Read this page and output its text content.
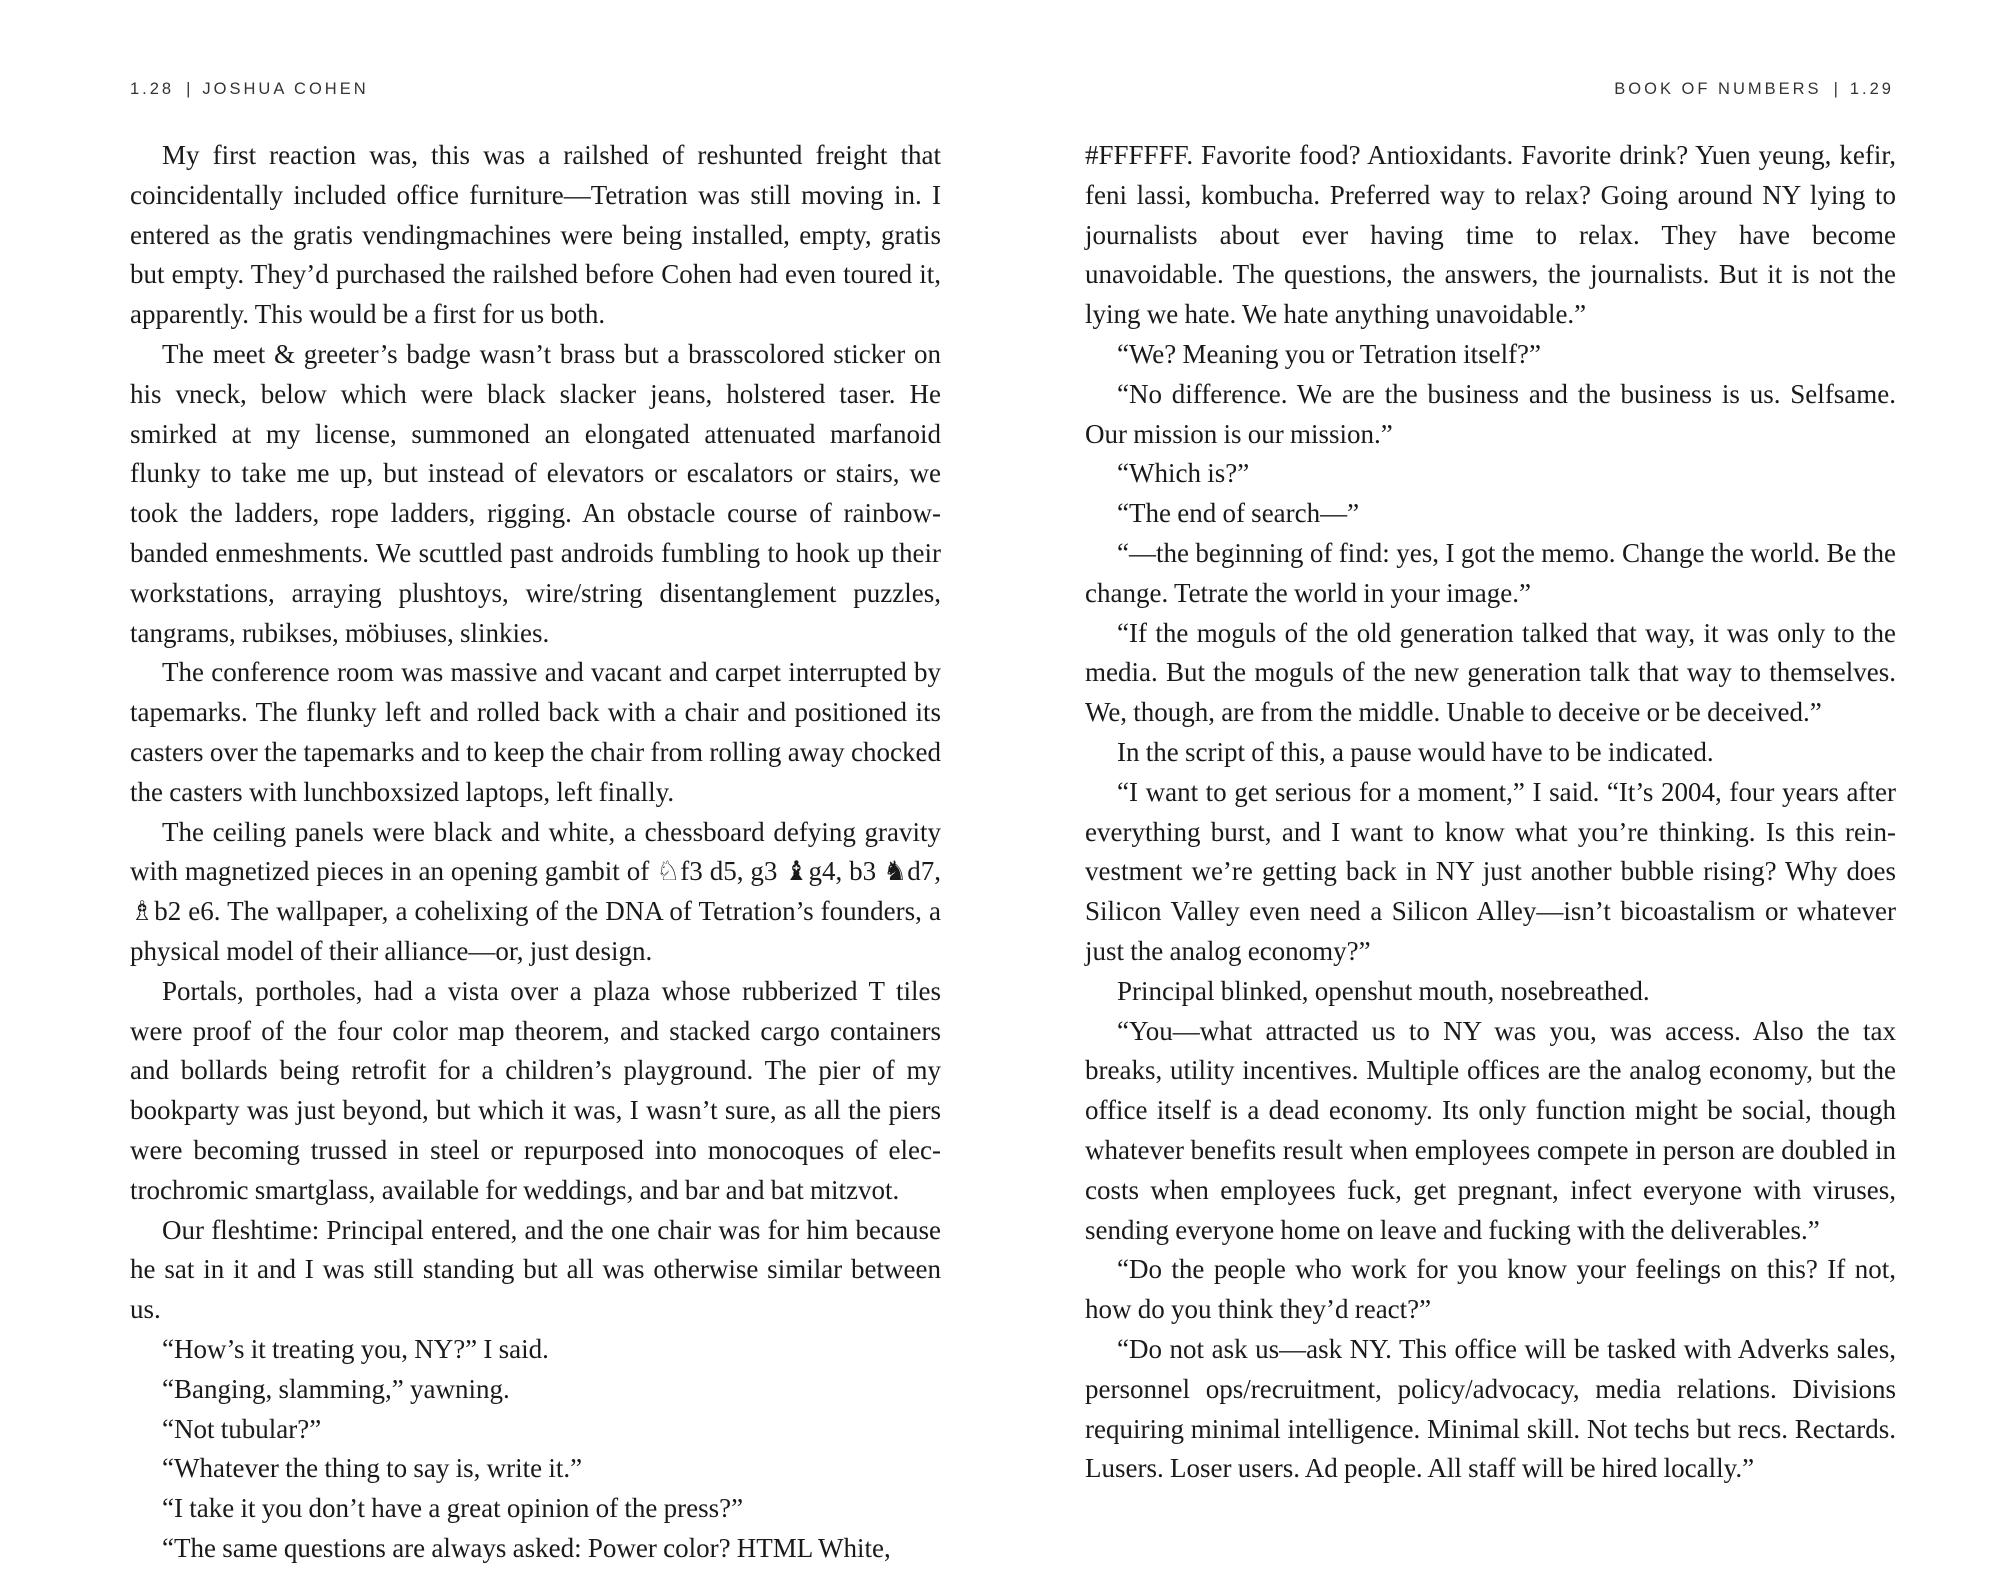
1.28 | JOSHUA COHEN

My first reaction was, this was a railshed of reshunted freight that coincidentally included office furniture—Tetration was still moving in. I entered as the gratis vendingmachines were being installed, empty, gratis but empty. They’d purchased the railshed before Cohen had even toured it, apparently. This would be a first for us both.

The meet & greeter’s badge wasn’t brass but a brasscolored sticker on his vneck, below which were black slacker jeans, holstered taser. He smirked at my license, summoned an elongated attenuated marfanoid flunky to take me up, but instead of elevators or escalators or stairs, we took the ladders, rope ladders, rigging. An obstacle course of rainbow-banded enmeshments. We scuttled past androids fumbling to hook up their workstations, arraying plushtoys, wire/string disentanglement puzzles, tangrams, rubikses, möbiuses, slinkies.

The conference room was massive and vacant and carpet interrupted by tapemarks. The flunky left and rolled back with a chair and positioned its casters over the tapemarks and to keep the chair from rolling away chocked the casters with lunchboxsized laptops, left finally.

The ceiling panels were black and white, a chessboard defying gravity with magnetized pieces in an opening gambit of ♘f3 d5, g3 ♝g4, b3 ♞d7, ♗b2 e6. The wallpaper, a cohelixing of the DNA of Tetration’s founders, a physical model of their alliance—or, just design.

Portals, portholes, had a vista over a plaza whose rubberized T tiles were proof of the four color map theorem, and stacked cargo containers and bollards being retrofit for a children’s playground. The pier of my bookparty was just beyond, but which it was, I wasn’t sure, as all the piers were becoming trussed in steel or repurposed into monocoques of electrochromic smartglass, available for weddings, and bar and bat mitzvot.

Our fleshtime: Principal entered, and the one chair was for him because he sat in it and I was still standing but all was otherwise similar between us.

“How’s it treating you, NY?” I said.

“Banging, slamming,” yawning.

“Not tubular?”

“Whatever the thing to say is, write it.”

“I take it you don’t have a great opinion of the press?”

“The same questions are always asked: Power color? HTML White,

BOOK OF NUMBERS | 1.29

#FFFFFF. Favorite food? Antioxidants. Favorite drink? Yuen yeung, kefir, feni lassi, kombucha. Preferred way to relax? Going around NY lying to journalists about ever having time to relax. They have become unavoidable. The questions, the answers, the journalists. But it is not the lying we hate. We hate anything unavoidable.”

“We? Meaning you or Tetration itself?”

“No difference. We are the business and the business is us. Selfsame. Our mission is our mission.”

“Which is?”

“The end of search—”

“—the beginning of find: yes, I got the memo. Change the world. Be the change. Tetrate the world in your image.”

“If the moguls of the old generation talked that way, it was only to the media. But the moguls of the new generation talk that way to themselves. We, though, are from the middle. Unable to deceive or be deceived.”

In the script of this, a pause would have to be indicated.

“I want to get serious for a moment,” I said. “It’s 2004, four years after everything burst, and I want to know what you’re thinking. Is this reinvestment we’re getting back in NY just another bubble rising? Why does Silicon Valley even need a Silicon Alley—isn’t bicoastalism or whatever just the analog economy?”

Principal blinked, openshut mouth, nosebreathed.

“You—what attracted us to NY was you, was access. Also the tax breaks, utility incentives. Multiple offices are the analog economy, but the office itself is a dead economy. Its only function might be social, though whatever benefits result when employees compete in person are doubled in costs when employees fuck, get pregnant, infect everyone with viruses, sending everyone home on leave and fucking with the deliverables.”

“Do the people who work for you know your feelings on this? If not, how do you think they’d react?”

“Do not ask us—ask NY. This office will be tasked with Adverks sales, personnel ops/recruitment, policy/advocacy, media relations. Divisions requiring minimal intelligence. Minimal skill. Not techs but recs. Rectards. Lusers. Loser users. Ad people. All staff will be hired locally.”
